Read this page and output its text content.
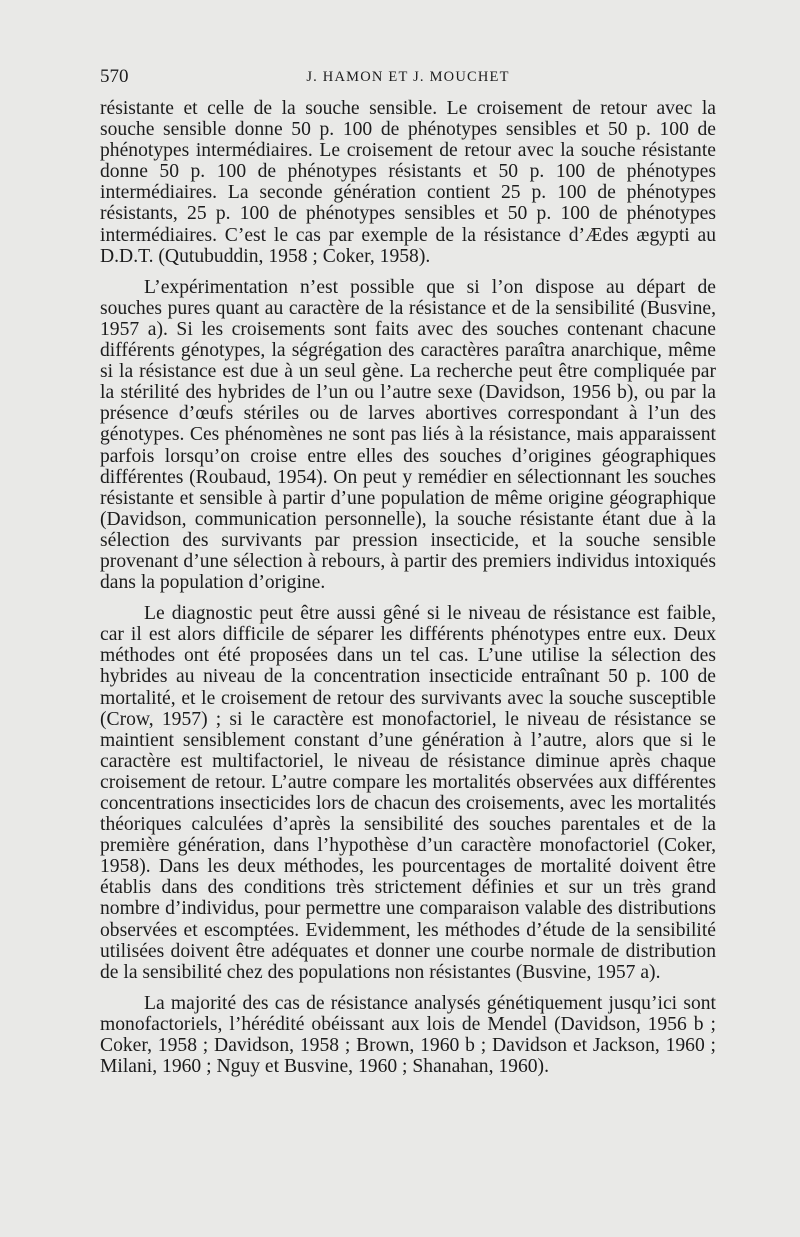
570	J. HAMON ET J. MOUCHET

résistante et celle de la souche sensible. Le croisement de retour avec la souche sensible donne 50 p. 100 de phénotypes sensibles et 50 p. 100 de phénotypes intermédiaires. Le croisement de retour avec la souche résistante donne 50 p. 100 de phénotypes résistants et 50 p. 100 de phénotypes intermédiaires. La seconde génération contient 25 p. 100 de phénotypes résistants, 25 p. 100 de phénotypes sensibles et 50 p. 100 de phénotypes intermédiaires. C’est le cas par exemple de la résistance d’Ædes ægypti au D.D.T. (Qutubuddin, 1958 ; Coker, 1958).

L’expérimentation n’est possible que si l’on dispose au départ de souches pures quant au caractère de la résistance et de la sensibilité (Busvine, 1957 a). Si les croisements sont faits avec des souches contenant chacune différents génotypes, la ségrégation des caractères paraîtra anarchique, même si la résistance est due à un seul gène. La recherche peut être compliquée par la stérilité des hybrides de l’un ou l’autre sexe (Davidson, 1956 b), ou par la présence d’œufs stériles ou de larves abortives correspondant à l’un des génotypes. Ces phénomènes ne sont pas liés à la résistance, mais apparaissent parfois lorsqu’on croise entre elles des souches d’origines géographiques différentes (Roubaud, 1954). On peut y remédier en sélectionnant les souches résistante et sensible à partir d’une population de même origine géographique (Davidson, communication personnelle), la souche résistante étant due à la sélection des survivants par pression insecticide, et la souche sensible provenant d’une sélection à rebours, à partir des premiers individus intoxiqués dans la population d’origine.

Le diagnostic peut être aussi gêné si le niveau de résistance est faible, car il est alors difficile de séparer les différents phénotypes entre eux. Deux méthodes ont été proposées dans un tel cas. L’une utilise la sélection des hybrides au niveau de la concentration insecticide entraînant 50 p. 100 de mortalité, et le croisement de retour des survivants avec la souche susceptible (Crow, 1957) ; si le caractère est monofactoriel, le niveau de résistance se maintient sensiblement constant d’une génération à l’autre, alors que si le caractère est multifactoriel, le niveau de résistance diminue après chaque croisement de retour. L’autre compare les mortalités observées aux différentes concentrations insecticides lors de chacun des croisements, avec les mortalités théoriques calculées d’après la sensibilité des souches parentales et de la première génération, dans l’hypothèse d’un caractère monofactoriel (Coker, 1958). Dans les deux méthodes, les pourcentages de mortalité doivent être établis dans des conditions très strictement définies et sur un très grand nombre d’individus, pour permettre une comparaison valable des distributions observées et escomptées. Evidemment, les méthodes d’étude de la sensibilité utilisées doivent être adéquates et donner une courbe normale de distribution de la sensibilité chez des populations non résistantes (Busvine, 1957 a).

La majorité des cas de résistance analysés génétiquement jusqu’ici sont monofactoriels, l’hérédité obéissant aux lois de Mendel (Davidson, 1956 b ; Coker, 1958 ; Davidson, 1958 ; Brown, 1960 b ; Davidson et Jackson, 1960 ; Milani, 1960 ; Nguy et Busvine, 1960 ; Shanahan, 1960).
